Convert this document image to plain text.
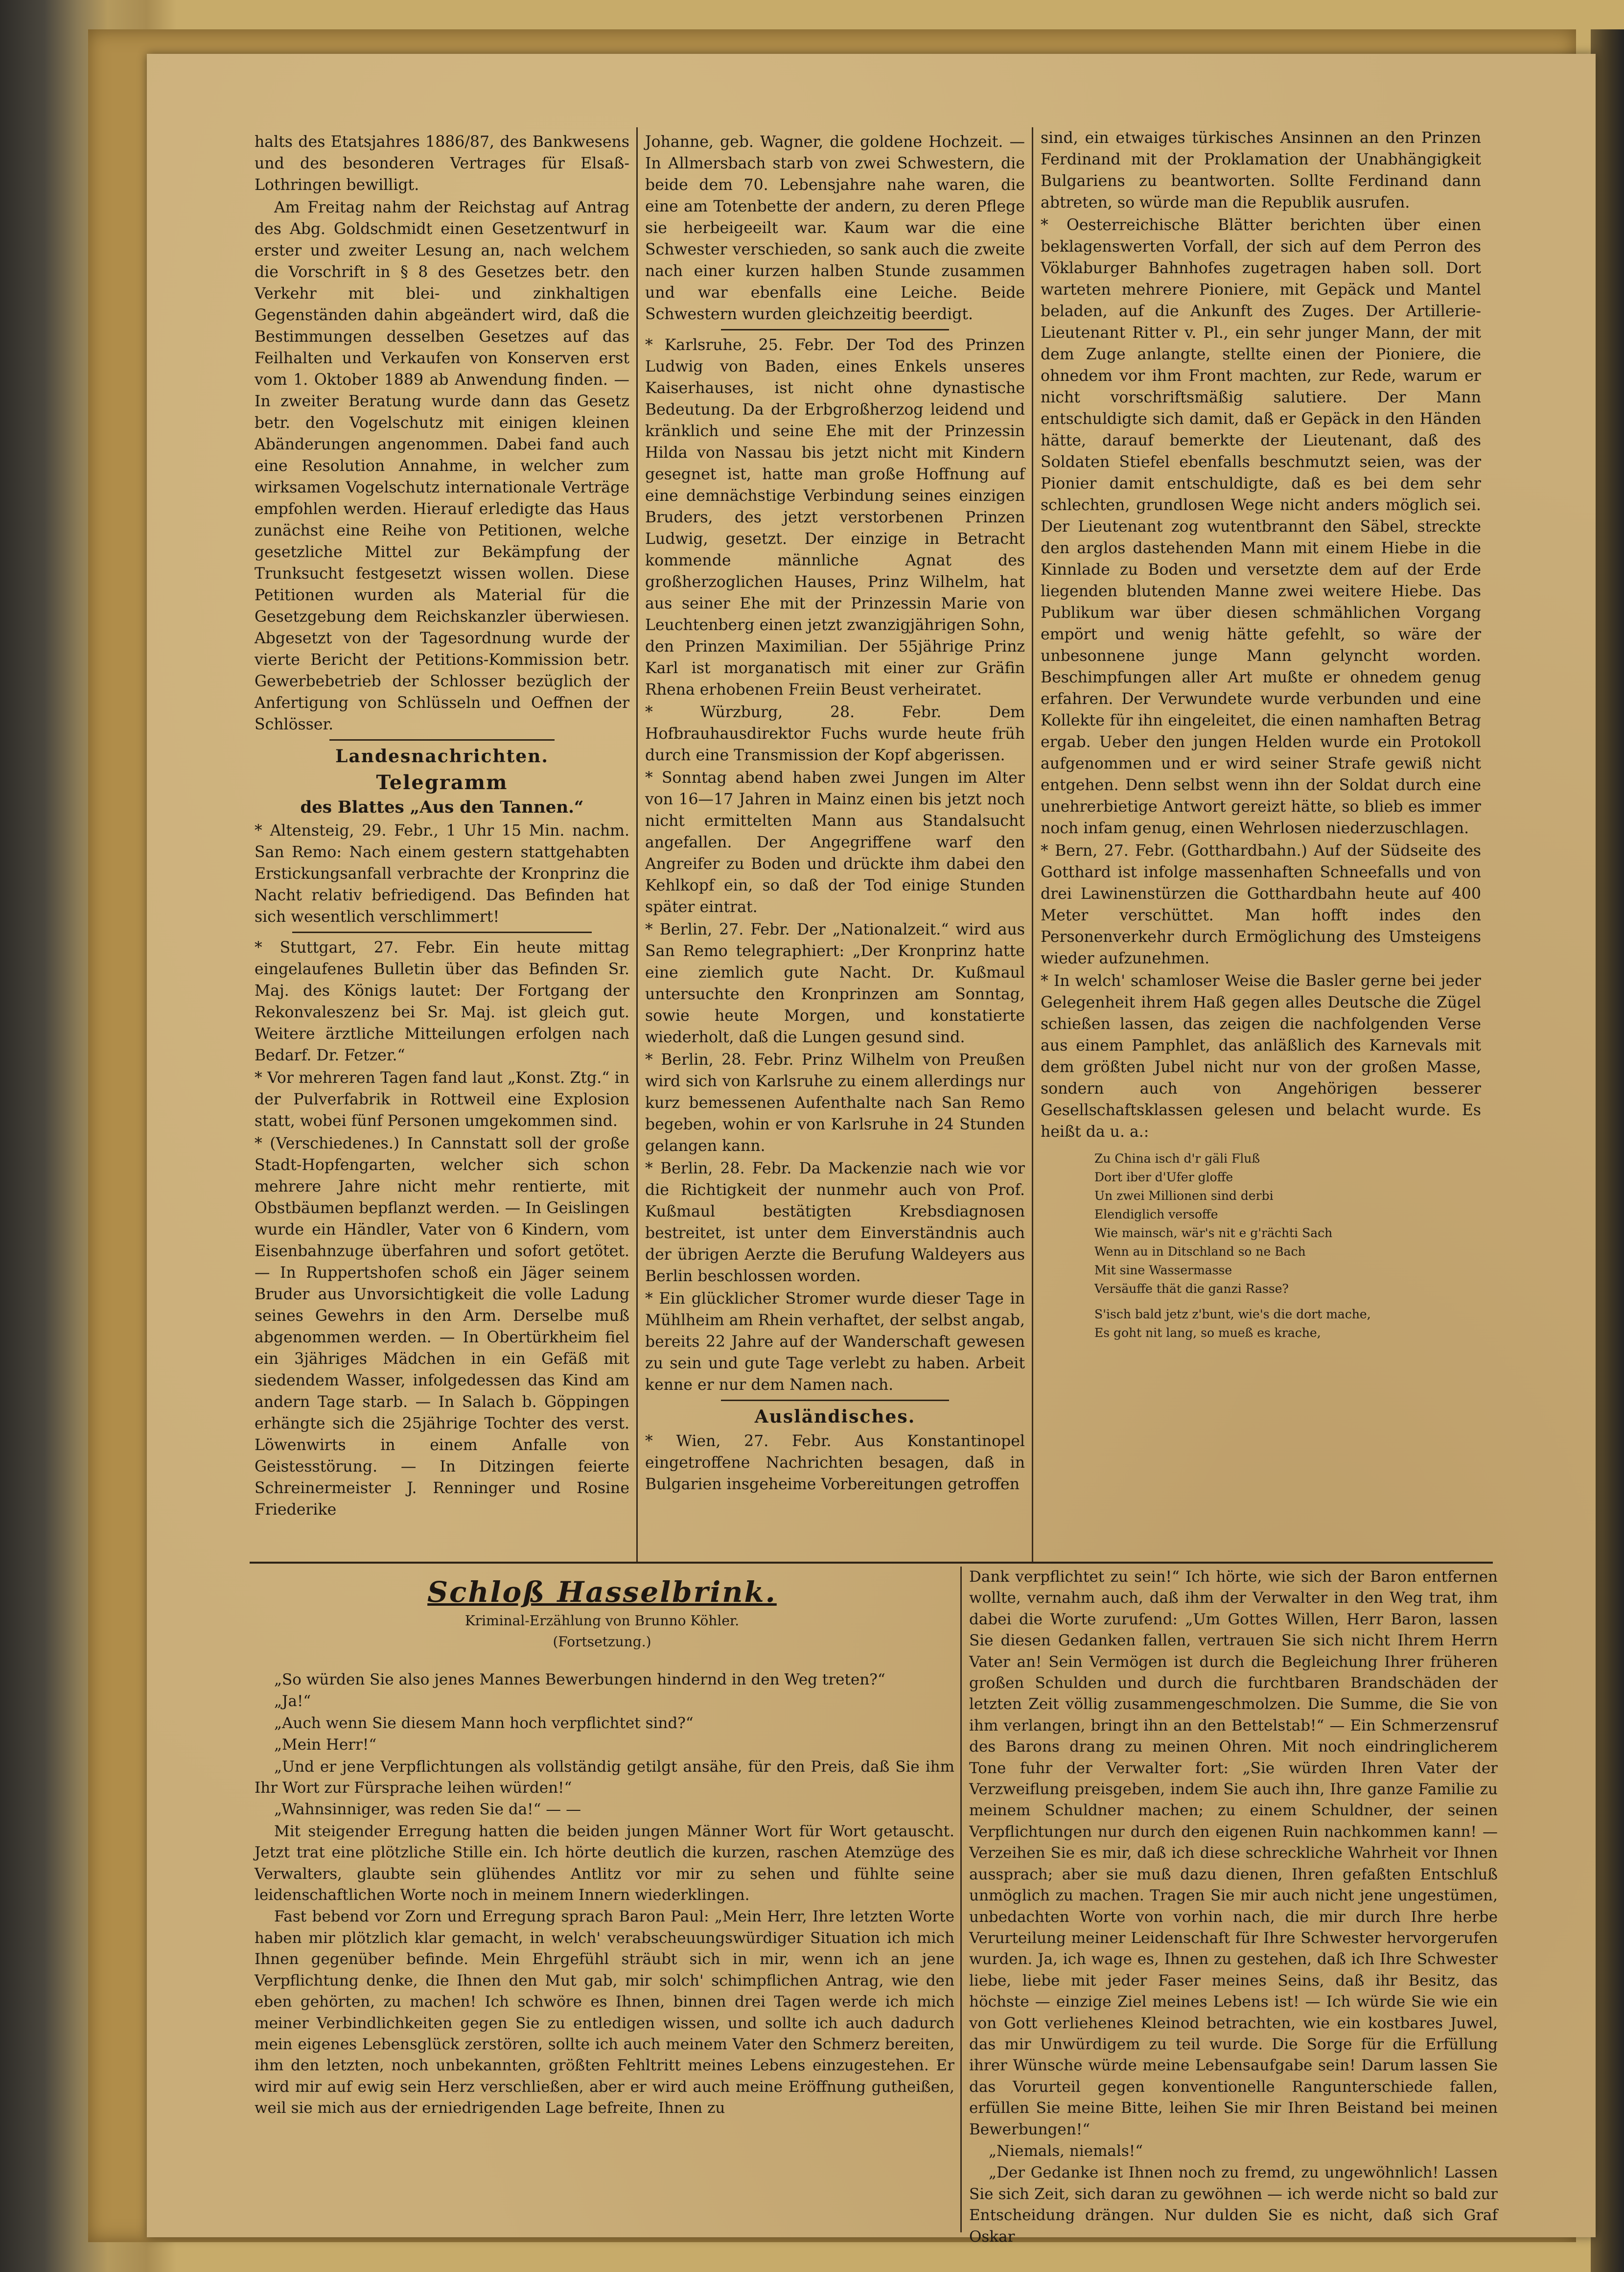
halts des Etatsjahres 1886/87, des Bankwesens und des besonderen Vertrages für Elsaß-Lothringen bewilligt.

Am Freitag nahm der Reichstag auf Antrag des Abg. Goldschmidt einen Gesetzentwurf in erster und zweiter Lesung an, nach welchem die Vorschrift in § 8 des Gesetzes betr. den Verkehr mit blei- und zinkhaltigen Gegenständen dahin abgeändert wird, daß die Bestimmungen desselben Gesetzes auf das Feilhalten und Verkaufen von Konserven erst vom 1. Oktober 1889 ab Anwendung finden. — In zweiter Beratung wurde dann das Gesetz betr. den Vogelschutz mit einigen kleinen Abänderungen angenommen. Dabei fand auch eine Resolution Annahme, in welcher zum wirksamen Vogelschutz internationale Verträge empfohlen werden. Hierauf erledigte das Haus zunächst eine Reihe von Petitionen, welche gesetzliche Mittel zur Bekämpfung der Trunksucht festgesetzt wissen wollen. Diese Petitionen wurden als Material für die Gesetzgebung dem Reichskanzler überwiesen. Abgesetzt von der Tagesordnung wurde der vierte Bericht der Petitions-Kommission betr. Gewerbebetrieb der Schlosser bezüglich der Anfertigung von Schlüsseln und Oeffnen der Schlösser.

Landesnachrichten.
Telegramm
des Blattes „Aus den Tannen.“

* Altensteig, 29. Febr., 1 Uhr 15 Min. nachm. San Remo: Nach einem gestern stattgehabten Erstickungsanfall verbrachte der Kronprinz die Nacht relativ befriedigend. Das Befinden hat sich wesentlich verschlimmert!

* Stuttgart, 27. Febr. Ein heute mittag eingelaufenes Bulletin über das Befinden Sr. Maj. des Königs lautet: Der Fortgang der Rekonvaleszenz bei Sr. Maj. ist gleich gut. Weitere ärztliche Mitteilungen erfolgen nach Bedarf. Dr. Fetzer.“

* Vor mehreren Tagen fand laut „Konst. Ztg.“ in der Pulverfabrik in Rottweil eine Explosion statt, wobei fünf Personen umgekommen sind.

* (Verschiedenes.) In Cannstatt soll der große Stadt-Hopfengarten, welcher sich schon mehrere Jahre nicht mehr rentierte, mit Obstbäumen bepflanzt werden. — In Geislingen wurde ein Händler, Vater von 6 Kindern, vom Eisenbahnzuge überfahren und sofort getötet. — In Ruppertshofen schoß ein Jäger seinem Bruder aus Unvorsichtigkeit die volle Ladung seines Gewehrs in den Arm. Derselbe muß abgenommen werden. — In Obertürkheim fiel ein 3jähriges Mädchen in ein Gefäß mit siedendem Wasser, infolgedessen das Kind am andern Tage starb. — In Salach b. Göppingen erhängte sich die 25jährige Tochter des verst. Löwenwirts in einem Anfalle von Geistesstörung. — In Ditzingen feierte Schreinermeister J. Renninger und Rosine Friederike

Johanne, geb. Wagner, die goldene Hochzeit. — In Allmersbach starb von zwei Schwestern, die beide dem 70. Lebensjahre nahe waren, die eine am Totenbette der andern, zu deren Pflege sie herbeigeeilt war. Kaum war die eine Schwester verschieden, so sank auch die zweite nach einer kurzen halben Stunde zusammen und war ebenfalls eine Leiche. Beide Schwestern wurden gleichzeitig beerdigt.

* Karlsruhe, 25. Febr. Der Tod des Prinzen Ludwig von Baden, eines Enkels unseres Kaiserhauses, ist nicht ohne dynastische Bedeutung. Da der Erbgroßherzog leidend und kränklich und seine Ehe mit der Prinzessin Hilda von Nassau bis jetzt nicht mit Kindern gesegnet ist, hatte man große Hoffnung auf eine demnächstige Verbindung seines einzigen Bruders, des jetzt verstorbenen Prinzen Ludwig, gesetzt. Der einzige in Betracht kommende männliche Agnat des großherzoglichen Hauses, Prinz Wilhelm, hat aus seiner Ehe mit der Prinzessin Marie von Leuchtenberg einen jetzt zwanzigjährigen Sohn, den Prinzen Maximilian. Der 55jährige Prinz Karl ist morganatisch mit einer zur Gräfin Rhena erhobenen Freiin Beust verheiratet.

* Würzburg, 28. Febr. Dem Hofbrauhausdirektor Fuchs wurde heute früh durch eine Transmission der Kopf abgerissen.

* Sonntag abend haben zwei Jungen im Alter von 16—17 Jahren in Mainz einen bis jetzt noch nicht ermittelten Mann aus Standalsucht angefallen. Der Angegriffene warf den Angreifer zu Boden und drückte ihm dabei den Kehlkopf ein, so daß der Tod einige Stunden später eintrat.

* Berlin, 27. Febr. Der „Nationalzeit.“ wird aus San Remo telegraphiert: „Der Kronprinz hatte eine ziemlich gute Nacht. Dr. Kußmaul untersuchte den Kronprinzen am Sonntag, sowie heute Morgen, und konstatierte wiederholt, daß die Lungen gesund sind.

* Berlin, 28. Febr. Prinz Wilhelm von Preußen wird sich von Karlsruhe zu einem allerdings nur kurz bemessenen Aufenthalte nach San Remo begeben, wohin er von Karlsruhe in 24 Stunden gelangen kann.

* Berlin, 28. Febr. Da Mackenzie nach wie vor die Richtigkeit der nunmehr auch von Prof. Kußmaul bestätigten Krebsdiagnosen bestreitet, ist unter dem Einverständnis auch der übrigen Aerzte die Berufung Waldeyers aus Berlin beschlossen worden.

* Ein glücklicher Stromer wurde dieser Tage in Mühlheim am Rhein verhaftet, der selbst angab, bereits 22 Jahre auf der Wanderschaft gewesen zu sein und gute Tage verlebt zu haben. Arbeit kenne er nur dem Namen nach.

Ausländisches.

* Wien, 27. Febr. Aus Konstantinopel eingetroffene Nachrichten besagen, daß in Bulgarien insgeheime Vorbereitungen getroffen

sind, ein etwaiges türkisches Ansinnen an den Prinzen Ferdinand mit der Proklamation der Unabhängigkeit Bulgariens zu beantworten. Sollte Ferdinand dann abtreten, so würde man die Republik ausrufen.

* Oesterreichische Blätter berichten über einen beklagenswerten Vorfall, der sich auf dem Perron des Vöklaburger Bahnhofes zugetragen haben soll. Dort warteten mehrere Pioniere, mit Gepäck und Mantel beladen, auf die Ankunft des Zuges. Der Artillerie-Lieutenant Ritter v. Pl., ein sehr junger Mann, der mit dem Zuge anlangte, stellte einen der Pioniere, die ohnedem vor ihm Front machten, zur Rede, warum er nicht vorschriftsmäßig salutiere. Der Mann entschuldigte sich damit, daß er Gepäck in den Händen hätte, darauf bemerkte der Lieutenant, daß des Soldaten Stiefel ebenfalls beschmutzt seien, was der Pionier damit entschuldigte, daß es bei dem sehr schlechten, grundlosen Wege nicht anders möglich sei. Der Lieutenant zog wutentbrannt den Säbel, streckte den arglos dastehenden Mann mit einem Hiebe in die Kinnlade zu Boden und versetzte dem auf der Erde liegenden blutenden Manne zwei weitere Hiebe. Das Publikum war über diesen schmählichen Vorgang empört und wenig hätte gefehlt, so wäre der unbesonnene junge Mann gelyncht worden. Beschimpfungen aller Art mußte er ohnedem genug erfahren. Der Verwundete wurde verbunden und eine Kollekte für ihn eingeleitet, die einen namhaften Betrag ergab. Ueber den jungen Helden wurde ein Protokoll aufgenommen und er wird seiner Strafe gewiß nicht entgehen. Denn selbst wenn ihn der Soldat durch eine unehrerbietige Antwort gereizt hätte, so blieb es immer noch infam genug, einen Wehrlosen niederzuschlagen.

* Bern, 27. Febr. (Gotthardbahn.) Auf der Südseite des Gotthard ist infolge massenhaften Schneefalls und von drei Lawinenstürzen die Gotthardbahn heute auf 400 Meter verschüttet. Man hofft indes den Personenverkehr durch Ermöglichung des Umsteigens wieder aufzunehmen.

* In welch' schamloser Weise die Basler gerne bei jeder Gelegenheit ihrem Haß gegen alles Deutsche die Zügel schießen lassen, das zeigen die nachfolgenden Verse aus einem Pamphlet, das anläßlich des Karnevals mit dem größten Jubel nicht nur von der großen Masse, sondern auch von Angehörigen besserer Gesellschaftsklassen gelesen und belacht wurde. Es heißt da u. a.:

Zu China isch d'r gäli Fluß
Dort iber d'Ufer gloffe
Un zwei Millionen sind derbi
Elendiglich versoffe
Wie mainsch, wär's nit e g'rächti Sach
Wenn au in Ditschland so ne Bach
Mit sine Wassermasse
Versäuffe thät die ganzi Rasse?
S'isch bald jetz z'bunt, wie's die dort mache,
Es goht nit lang, so mueß es krache,
Schloß Hasselbrink.
Kriminal-Erzählung von Brunno Köhler.
(Fortsetzung.)

„So würden Sie also jenes Mannes Bewerbungen hindernd in den Weg treten?“

„Ja!“

„Auch wenn Sie diesem Mann hoch verpflichtet sind?“

„Mein Herr!“

„Und er jene Verpflichtungen als vollständig getilgt ansähe, für den Preis, daß Sie ihm Ihr Wort zur Fürsprache leihen würden!“

„Wahnsinniger, was reden Sie da!“ — —

Mit steigender Erregung hatten die beiden jungen Männer Wort für Wort getauscht. Jetzt trat eine plötzliche Stille ein. Ich hörte deutlich die kurzen, raschen Atemzüge des Verwalters, glaubte sein glühendes Antlitz vor mir zu sehen und fühlte seine leidenschaftlichen Worte noch in meinem Innern wiederklingen.

Fast bebend vor Zorn und Erregung sprach Baron Paul: „Mein Herr, Ihre letzten Worte haben mir plötzlich klar gemacht, in welch' verabscheuungswürdiger Situation ich mich Ihnen gegenüber befinde. Mein Ehrgefühl sträubt sich in mir, wenn ich an jene Verpflichtung denke, die Ihnen den Mut gab, mir solch' schimpflichen Antrag, wie den eben gehörten, zu machen! Ich schwöre es Ihnen, binnen drei Tagen werde ich mich meiner Verbindlichkeiten gegen Sie zu entledigen wissen, und sollte ich auch dadurch mein eigenes Lebensglück zerstören, sollte ich auch meinem Vater den Schmerz bereiten, ihm den letzten, noch unbekannten, größten Fehltritt meines Lebens einzugestehen. Er wird mir auf ewig sein Herz verschließen, aber er wird auch meine Eröffnung gutheißen, weil sie mich aus der erniedrigenden Lage befreite, Ihnen zu

Dank verpflichtet zu sein!“ Ich hörte, wie sich der Baron entfernen wollte, vernahm auch, daß ihm der Verwalter in den Weg trat, ihm dabei die Worte zurufend: „Um Gottes Willen, Herr Baron, lassen Sie diesen Gedanken fallen, vertrauen Sie sich nicht Ihrem Herrn Vater an! Sein Vermögen ist durch die Begleichung Ihrer früheren großen Schulden und durch die furchtbaren Brandschäden der letzten Zeit völlig zusammengeschmolzen. Die Summe, die Sie von ihm verlangen, bringt ihn an den Bettelstab!“ — Ein Schmerzensruf des Barons drang zu meinen Ohren. Mit noch eindringlicherem Tone fuhr der Verwalter fort: „Sie würden Ihren Vater der Verzweiflung preisgeben, indem Sie auch ihn, Ihre ganze Familie zu meinem Schuldner machen; zu einem Schuldner, der seinen Verpflichtungen nur durch den eigenen Ruin nachkommen kann! — Verzeihen Sie es mir, daß ich diese schreckliche Wahrheit vor Ihnen aussprach; aber sie muß dazu dienen, Ihren gefaßten Entschluß unmöglich zu machen. Tragen Sie mir auch nicht jene ungestümen, unbedachten Worte von vorhin nach, die mir durch Ihre herbe Verurteilung meiner Leidenschaft für Ihre Schwester hervorgerufen wurden. Ja, ich wage es, Ihnen zu gestehen, daß ich Ihre Schwester liebe, liebe mit jeder Faser meines Seins, daß ihr Besitz, das höchste — einzige Ziel meines Lebens ist! — Ich würde Sie wie ein von Gott verliehenes Kleinod betrachten, wie ein kostbares Juwel, das mir Unwürdigem zu teil wurde. Die Sorge für die Erfüllung ihrer Wünsche würde meine Lebensaufgabe sein! Darum lassen Sie das Vorurteil gegen konventionelle Rangunterschiede fallen, erfüllen Sie meine Bitte, leihen Sie mir Ihren Beistand bei meinen Bewerbungen!“

„Niemals, niemals!“

„Der Gedanke ist Ihnen noch zu fremd, zu ungewöhnlich! Lassen Sie sich Zeit, sich daran zu gewöhnen — ich werde nicht so bald zur Entscheidung drängen. Nur dulden Sie es nicht, daß sich Graf Oskar
